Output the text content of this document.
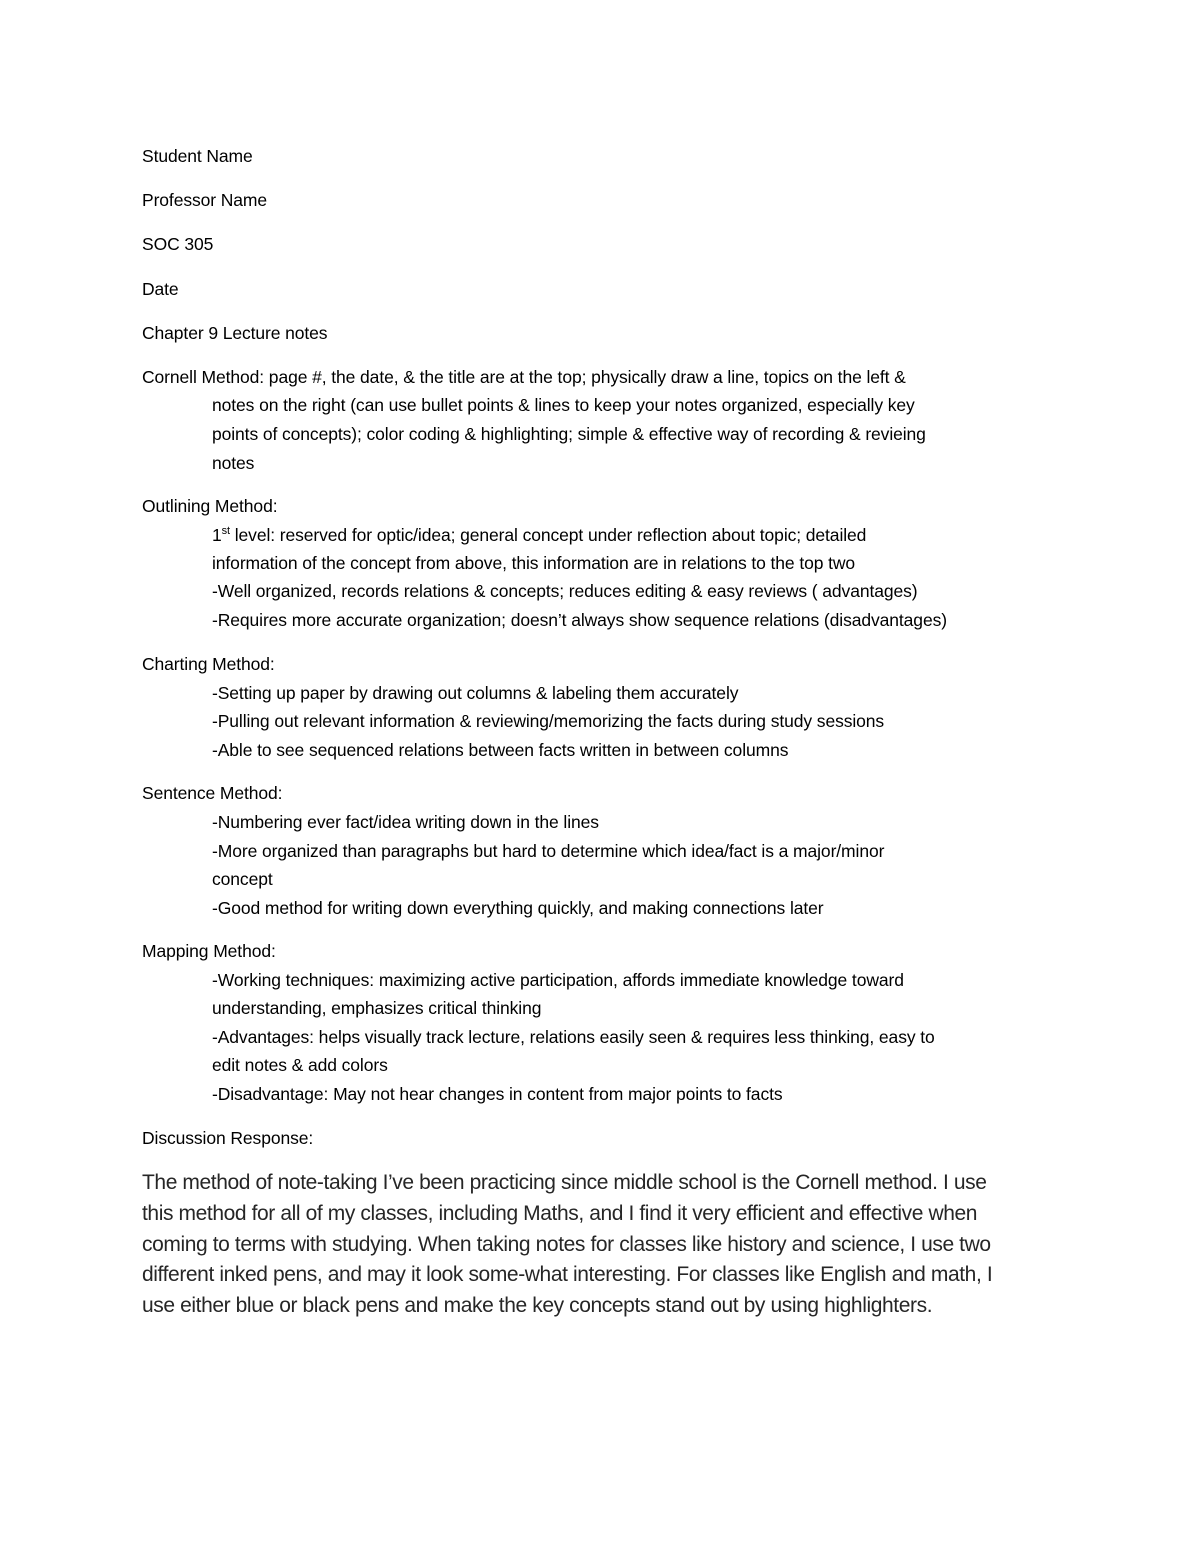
Student Name
Professor Name
SOC 305
Date
Chapter 9 Lecture notes
Cornell Method: page #, the date, & the title are at the top; physically draw a line, topics on the left &
notes on the right (can use bullet points & lines to keep your notes organized, especially key
points of concepts); color coding & highlighting; simple & effective way of recording & revieing
notes
Outlining Method:
1st level: reserved for optic/idea; general concept under reflection about topic; detailed
information of the concept from above, this information are in relations to the top two
-Well organized, records relations & concepts; reduces editing & easy reviews ( advantages)
-Requires more accurate organization; doesn’t always show sequence relations (disadvantages)
Charting Method:
-Setting up paper by drawing out columns & labeling them accurately
-Pulling out relevant information & reviewing/memorizing the facts during study sessions
-Able to see sequenced relations between facts written in between columns
Sentence Method:
-Numbering ever fact/idea writing down in the lines
-More organized than paragraphs but hard to determine which idea/fact is a major/minor
concept
-Good method for writing down everything quickly, and making connections later
Mapping Method:
-Working techniques: maximizing active participation, affords immediate knowledge toward
understanding, emphasizes critical thinking
-Advantages: helps visually track lecture, relations easily seen & requires less thinking, easy to
edit notes & add colors
-Disadvantage: May not hear changes in content from major points to facts
Discussion Response:
The method of note-taking I’ve been practicing since middle school is the Cornell method. I use
this method for all of my classes, including Maths, and I find it very efficient and effective when
coming to terms with studying. When taking notes for classes like history and science, I use two
different inked pens, and may it look some-what interesting. For classes like English and math, I
use either blue or black pens and make the key concepts stand out by using highlighters.
